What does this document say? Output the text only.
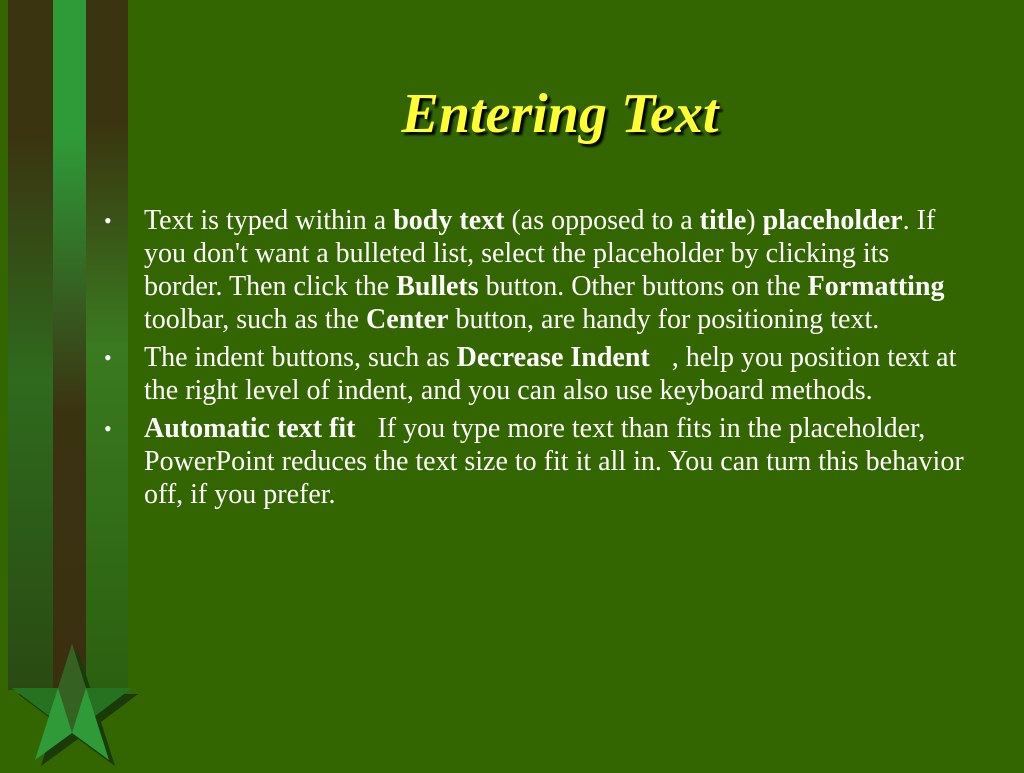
Entering Text
• Text is typed within a body text (as opposed to a title) placeholder. If you don't want a bulleted list, select the placeholder by clicking its border. Then click the Bullets button. Other buttons on the Formatting toolbar, such as the Center button, are handy for positioning text.
• The indent buttons, such as Decrease Indent , help you position text at the right level of indent, and you can also use keyboard methods.
• Automatic text fit If you type more text than fits in the placeholder, PowerPoint reduces the text size to fit it all in. You can turn this behavior off, if you prefer.
